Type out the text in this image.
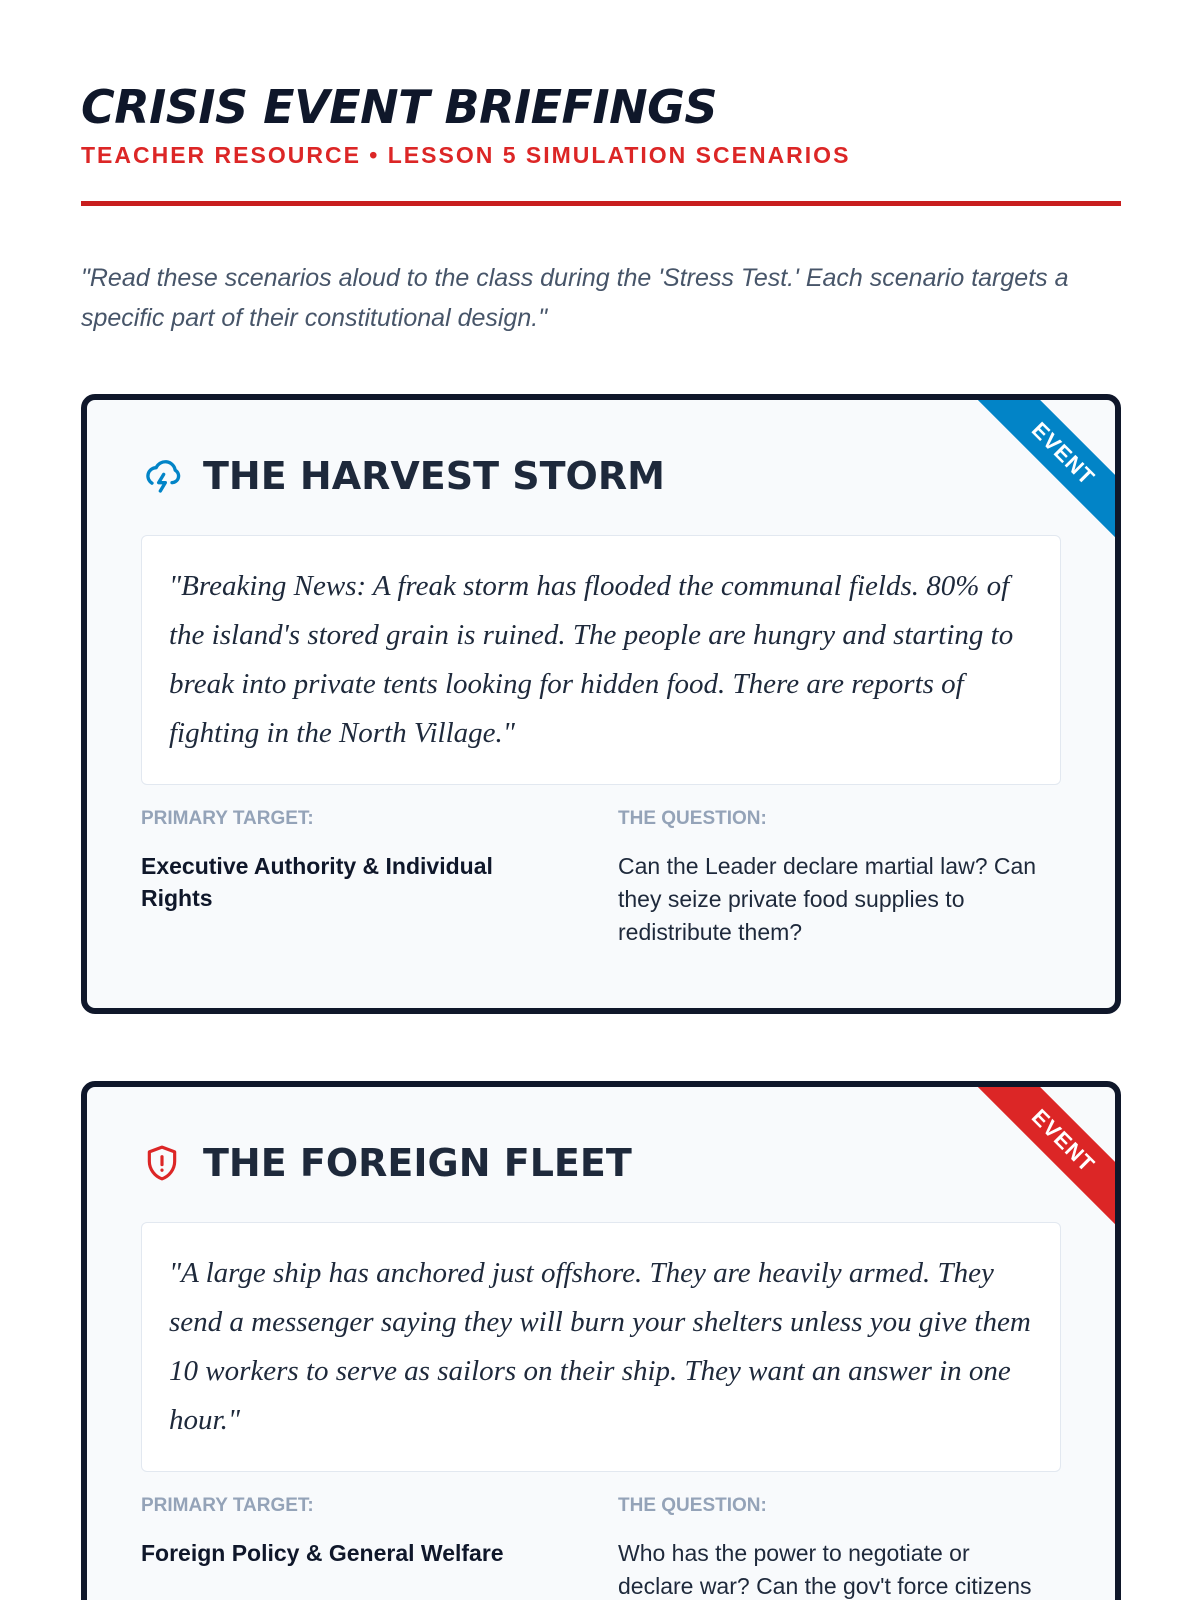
CRISIS EVENT BRIEFINGS
TEACHER RESOURCE • LESSON 5 SIMULATION SCENARIOS
"Read these scenarios aloud to the class during the 'Stress Test.' Each scenario targets a specific part of their constitutional design."
EVENT
THE HARVEST STORM
"Breaking News: A freak storm has flooded the communal fields. 80% of the island's stored grain is ruined. The people are hungry and starting to break into private tents looking for hidden food. There are reports of fighting in the North Village."
PRIMARY TARGET:
Executive Authority & Individual Rights
THE QUESTION:
Can the Leader declare martial law? Can they seize private food supplies to redistribute them?
EVENT
THE FOREIGN FLEET
"A large ship has anchored just offshore. They are heavily armed. They send a messenger saying they will burn your shelters unless you give them 10 workers to serve as sailors on their ship. They want an answer in one hour."
PRIMARY TARGET:
Foreign Policy & General Welfare
THE QUESTION:
Who has the power to negotiate or declare war? Can the gov't force citizens
